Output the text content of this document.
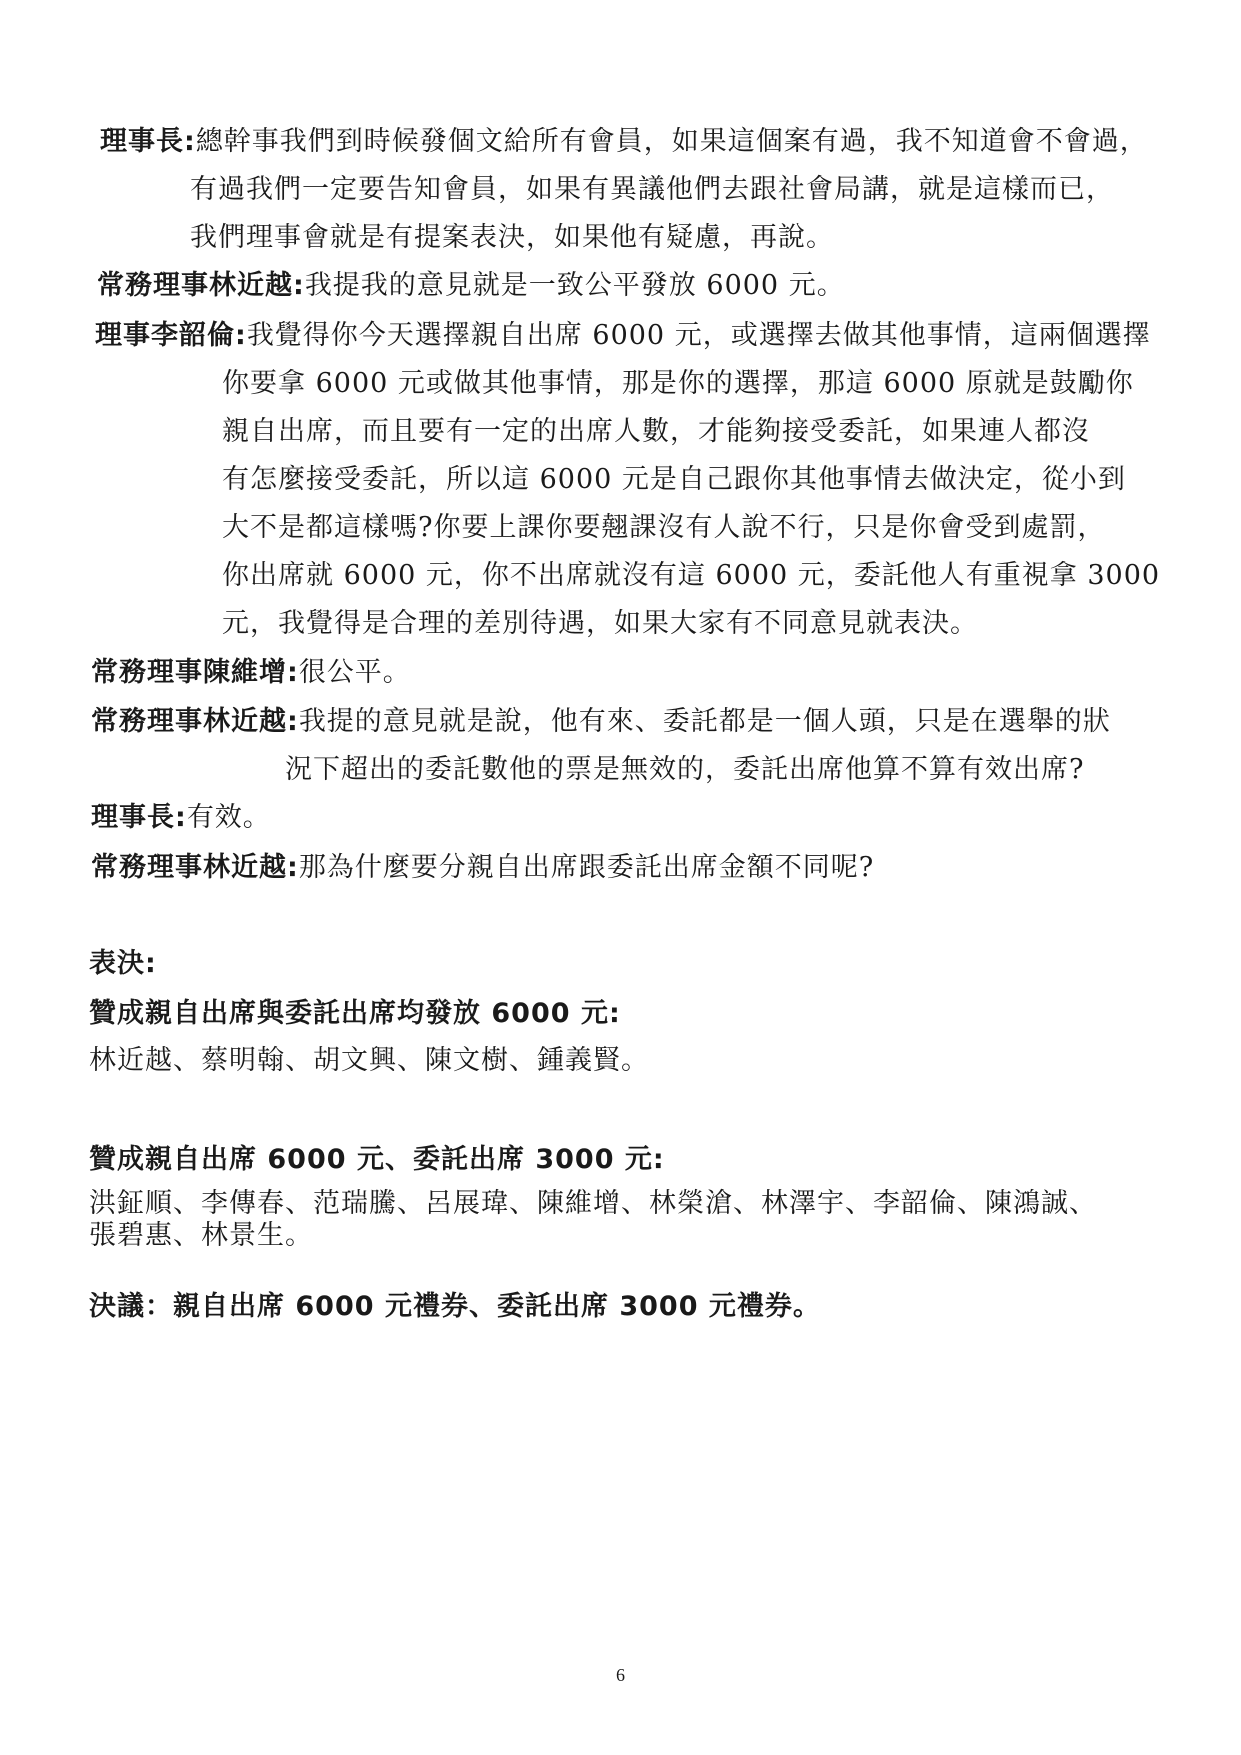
理事長:總幹事我們到時候發個文給所有會員，如果這個案有過，我不知道會不會過，
有過我們一定要告知會員，如果有異議他們去跟社會局講，就是這樣而已，
我們理事會就是有提案表決，如果他有疑慮，再說。
常務理事林近越:我提我的意見就是一致公平發放 6000 元。
理事李韶倫:我覺得你今天選擇親自出席 6000 元，或選擇去做其他事情，這兩個選擇
你要拿 6000 元或做其他事情，那是你的選擇，那這 6000 原就是鼓勵你
親自出席，而且要有一定的出席人數，才能夠接受委託，如果連人都沒
有怎麼接受委託，所以這 6000 元是自己跟你其他事情去做決定，從小到
大不是都這樣嗎?你要上課你要翹課沒有人說不行，只是你會受到處罰，
你出席就 6000 元，你不出席就沒有這 6000 元，委託他人有重視拿 3000
元，我覺得是合理的差別待遇，如果大家有不同意見就表決。
常務理事陳維增:很公平。
常務理事林近越:我提的意見就是說，他有來、委託都是一個人頭，只是在選舉的狀
況下超出的委託數他的票是無效的，委託出席他算不算有效出席?
理事長:有效。
常務理事林近越:那為什麼要分親自出席跟委託出席金額不同呢?
表決:
贊成親自出席與委託出席均發放 6000 元:
林近越、蔡明翰、胡文興、陳文樹、鍾義賢。
贊成親自出席 6000 元、委託出席 3000 元:
洪鉦順、李傳春、范瑞騰、呂展瑋、陳維增、林榮滄、林澤宇、李韶倫、陳鴻誠、
張碧惠、林景生。
決議：親自出席 6000 元禮券、委託出席 3000 元禮券。
6
